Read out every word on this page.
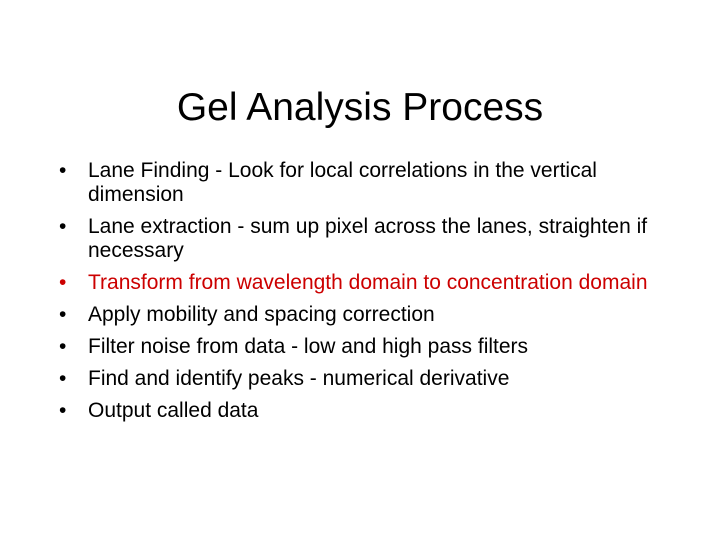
Gel Analysis Process
•	Lane Finding - Look for local correlations in the vertical dimension
•	Lane extraction - sum up pixel across the lanes, straighten if necessary
•	Transform from wavelength domain to concentration domain
•	Apply mobility and spacing correction
•	Filter noise from data - low and high pass filters
•	Find and identify peaks - numerical derivative
•	Output called data
